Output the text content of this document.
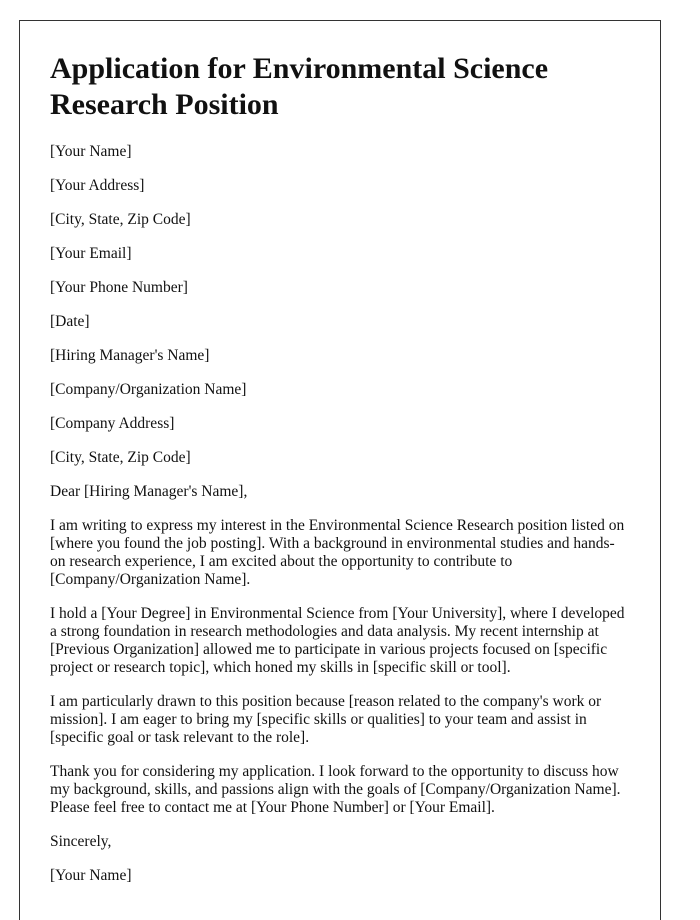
Application for Environmental Science Research Position
[Your Name]
[Your Address]
[City, State, Zip Code]
[Your Email]
[Your Phone Number]
[Date]
[Hiring Manager's Name]
[Company/Organization Name]
[Company Address]
[City, State, Zip Code]
Dear [Hiring Manager's Name],

I am writing to express my interest in the Environmental Science Research position listed on [where you found the job posting]. With a background in environmental studies and hands-on research experience, I am excited about the opportunity to contribute to [Company/Organization Name].

I hold a [Your Degree] in Environmental Science from [Your University], where I developed a strong foundation in research methodologies and data analysis. My recent internship at [Previous Organization] allowed me to participate in various projects focused on [specific project or research topic], which honed my skills in [specific skill or tool].

I am particularly drawn to this position because [reason related to the company's work or mission]. I am eager to bring my [specific skills or qualities] to your team and assist in [specific goal or task relevant to the role].

Thank you for considering my application. I look forward to the opportunity to discuss how my background, skills, and passions align with the goals of [Company/Organization Name]. Please feel free to contact me at [Your Phone Number] or [Your Email].

Sincerely,
[Your Name]
